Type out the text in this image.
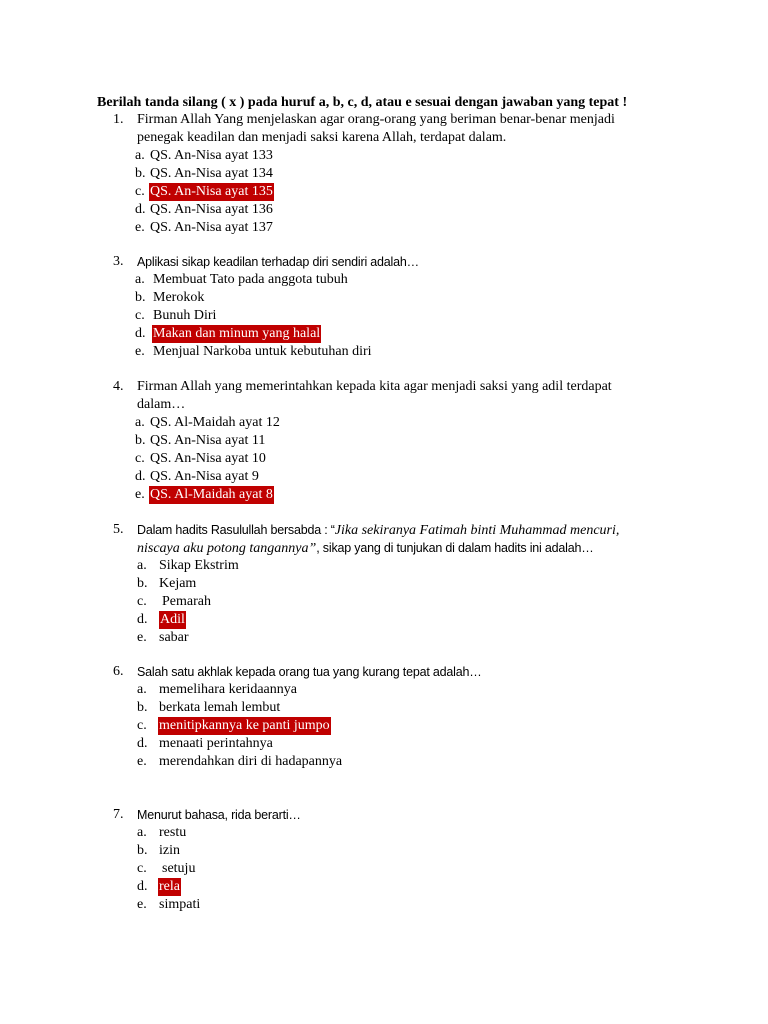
Berilah tanda silang ( x ) pada huruf a, b, c, d, atau e sesuai dengan jawaban yang tepat !
1. Firman Allah Yang menjelaskan agar orang-orang yang beriman benar-benar menjadi
penegak keadilan dan menjadi saksi karena Allah, terdapat dalam.
a. QS. An-Nisa ayat 133
b. QS. An-Nisa ayat 134
c. QS. An-Nisa ayat 135
d. QS. An-Nisa ayat 136
e. QS. An-Nisa ayat 137
3. Aplikasi sikap keadilan terhadap diri sendiri adalah…
a. Membuat Tato pada anggota tubuh
b. Merokok
c. Bunuh Diri
d. Makan dan minum yang halal
e. Menjual Narkoba untuk kebutuhan diri
4. Firman Allah yang memerintahkan kepada kita agar menjadi saksi yang adil terdapat
dalam…
a. QS. Al-Maidah ayat 12
b. QS. An-Nisa ayat 11
c. QS. An-Nisa ayat 10
d. QS. An-Nisa ayat 9
e. QS. Al-Maidah ayat 8
5. Dalam hadits Rasulullah bersabda : “Jika sekiranya Fatimah binti Muhammad mencuri,
niscaya aku potong tangannya”, sikap yang di tunjukan di dalam hadits ini adalah…
a. Sikap Ekstrim
b. Kejam
c. Pemarah
d. Adil
e. sabar
6. Salah satu akhlak kepada orang tua yang kurang tepat adalah…
a. memelihara keridaannya
b. berkata lemah lembut
c. menitipkannya ke panti jumpo
d. menaati perintahnya
e. merendahkan diri di hadapannya
7. Menurut bahasa, rida berarti…
a. restu
b. izin
c. setuju
d. rela
e. simpati
